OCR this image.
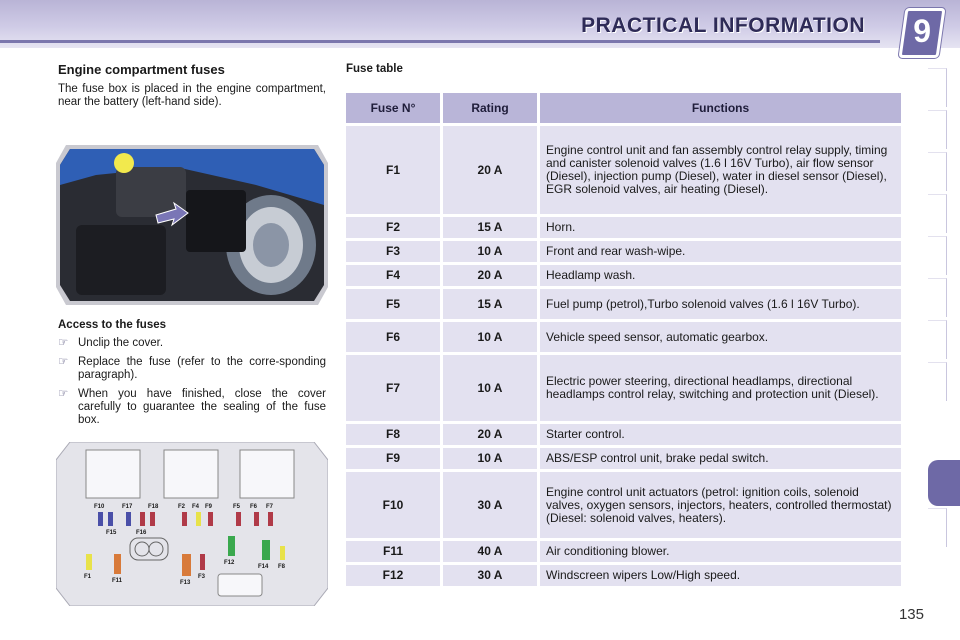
PRACTICAL INFORMATION 9
Engine compartment fuses

The fuse box is placed in the engine compartment, near the battery (left-hand side).

Access to the fuses

☞ Unclip the cover.
☞ Replace the fuse (refer to the corre-sponding paragraph).
☞ When you have finished, close the cover carefully to guarantee the sealing of the fuse box.
F10	F17	F18	F2 F4 F9	F5 F6 F7 F15	F16 F1 F11	F13 F3 F12 F14 F8

Fuse table

Fuse N°	Rating	Functions
F1	20 A	Engine control unit and fan assembly control relay supply, timing and canister solenoid valves (1.6 l 16V Turbo), air flow sensor (Diesel), injection pump (Diesel), water in diesel sensor (Diesel), EGR solenoid valves, air heating (Diesel).
F2	15 A	Horn.
F3	10 A	Front and rear wash-wipe.
F4	20 A	Headlamp wash.
F5	15 A	Fuel pump (petrol),Turbo solenoid valves (1.6 l 16V Turbo).
F6	10 A	Vehicle speed sensor, automatic gearbox.
F7	10 A	Electric power steering, directional headlamps, directional headlamps control relay, switching and protection unit (Diesel).
F8	20 A	Starter control.
F9	10 A	ABS/ESP control unit, brake pedal switch.
F10	30 A	Engine control unit actuators (petrol: ignition coils, solenoid valves, oxygen sensors, injectors, heaters, controlled thermostat) (Diesel: solenoid valves, heaters).
F11	40 A	Air conditioning blower.
F12	30 A	Windscreen wipers Low/High speed.
135
